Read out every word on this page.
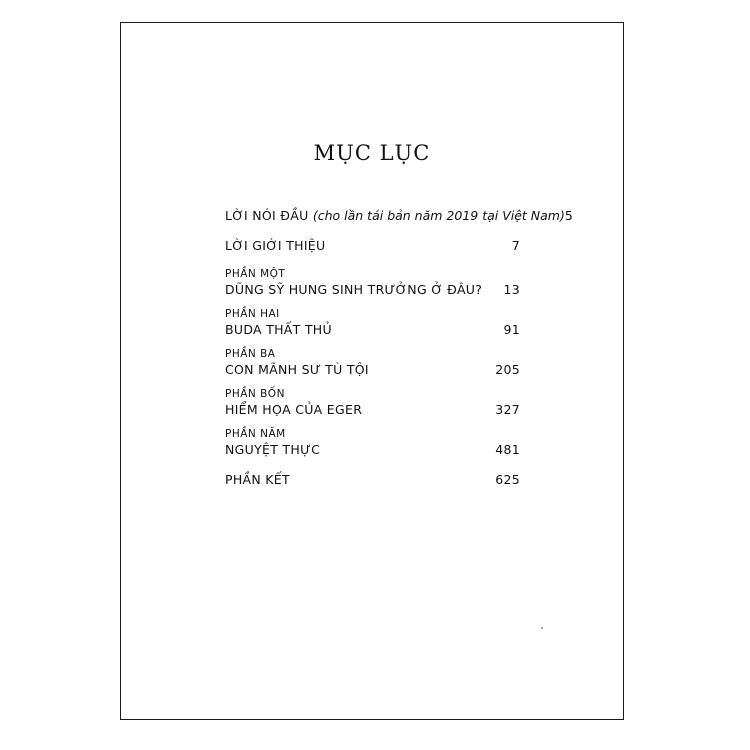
MỤC LỤC
LỜI NÓI ĐẦU (cho lần tái bản năm 2019 tại Việt Nam) 5
LỜI GIỚI THIỆU	7
PHẦN MỘT
DŨNG SỸ HUNG SINH TRƯỞNG Ở ĐÂU? 13
PHẦN HAI
BUDA THẤT THỦ	91
PHẦN BA
CON MÃNH SƯ TÙ TỘI	205
PHẦN BỐN
HIỂM HỌA CỦA EGER	327
PHẦN NĂM
NGUYỆT THỰC	481
PHẦN KẾT	625
